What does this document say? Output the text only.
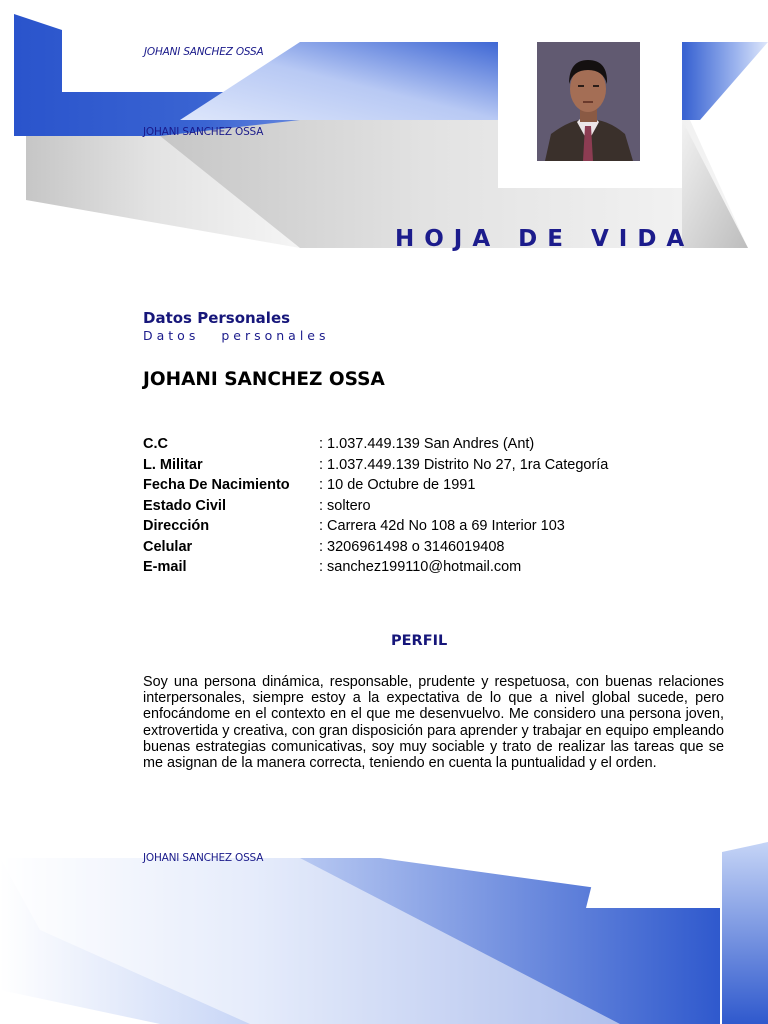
JOHANI SANCHEZ OSSA
JOHANI SANCHEZ OSSA
HOJA DE VIDA
Datos Personales
Datos personales
JOHANI SANCHEZ OSSA
C.C	: 1.037.449.139 San Andres (Ant)
L. Militar	: 1.037.449.139 Distrito No 27, 1ra Categoría
Fecha De Nacimiento : 10 de Octubre de 1991
Estado Civil	: soltero
Dirección	: Carrera 42d No 108 a 69 Interior 103
Celular	: 3206961498 o 3146019408
E-mail	: sanchez199110@hotmail.com
PERFIL
Soy una persona dinámica, responsable, prudente y respetuosa, con buenas relaciones interpersonales, siempre estoy a la expectativa de lo que a nivel global sucede, pero enfocándome en el contexto en el que me desenvuelvo. Me considero una persona joven, extrovertida y creativa, con gran disposición para aprender y trabajar en equipo empleando buenas estrategias comunicativas, soy muy sociable y trato de realizar las tareas que se me asignan de la manera correcta, teniendo en cuenta la puntualidad y el orden.
JOHANI SANCHEZ OSSA
